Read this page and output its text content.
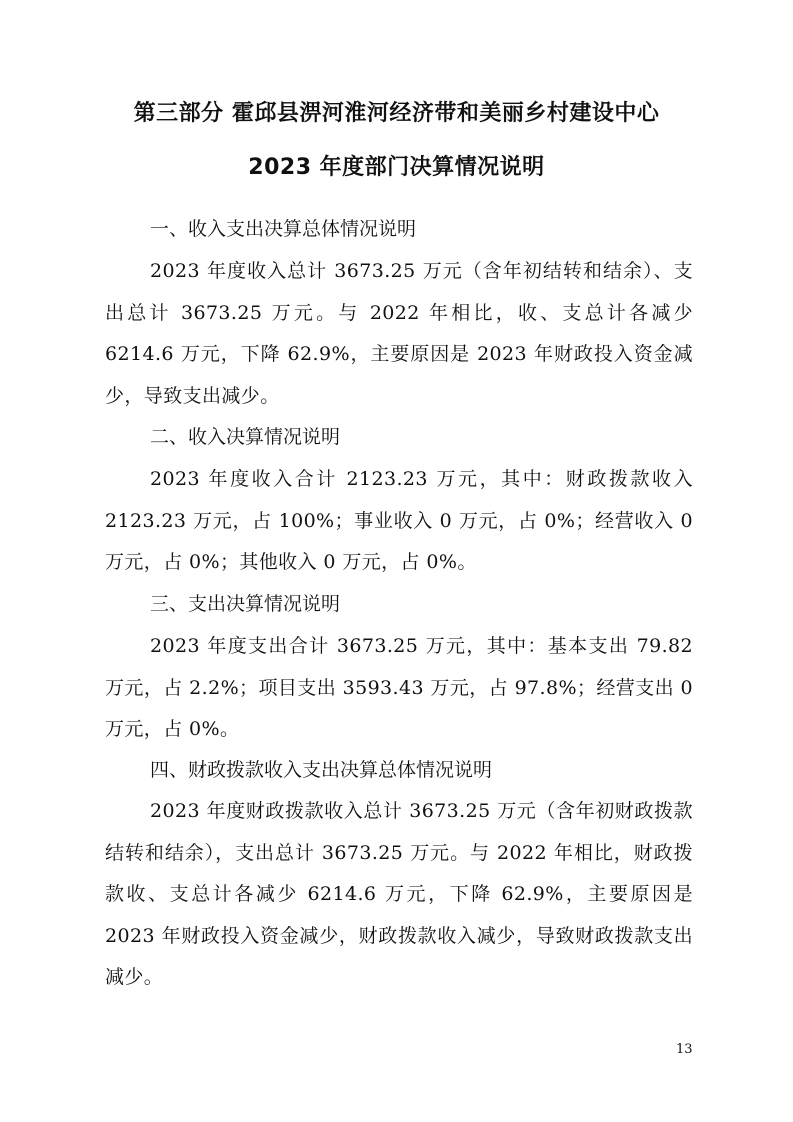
第三部分 霍邱县淠河淮河经济带和美丽乡村建设中心
2023 年度部门决算情况说明
一、收入支出决算总体情况说明
2023 年度收入总计 3673.25 万元（含年初结转和结余）、支出总计 3673.25 万元。与 2022 年相比，收、支总计各减少 6214.6 万元，下降 62.9%，主要原因是 2023 年财政投入资金减少，导致支出减少。
二、收入决算情况说明
2023 年度收入合计 2123.23 万元，其中：财政拨款收入 2123.23 万元，占 100%；事业收入 0 万元，占 0%；经营收入 0 万元，占 0%；其他收入 0 万元，占 0%。
三、支出决算情况说明
2023 年度支出合计 3673.25 万元，其中：基本支出 79.82 万元，占 2.2%；项目支出 3593.43 万元，占 97.8%；经营支出 0 万元，占 0%。
四、财政拨款收入支出决算总体情况说明
2023 年度财政拨款收入总计 3673.25 万元（含年初财政拨款结转和结余），支出总计 3673.25 万元。与 2022 年相比，财政拨款收、支总计各减少 6214.6 万元，下降 62.9%，主要原因是 2023 年财政投入资金减少，财政拨款收入减少，导致财政拨款支出减少。
13
